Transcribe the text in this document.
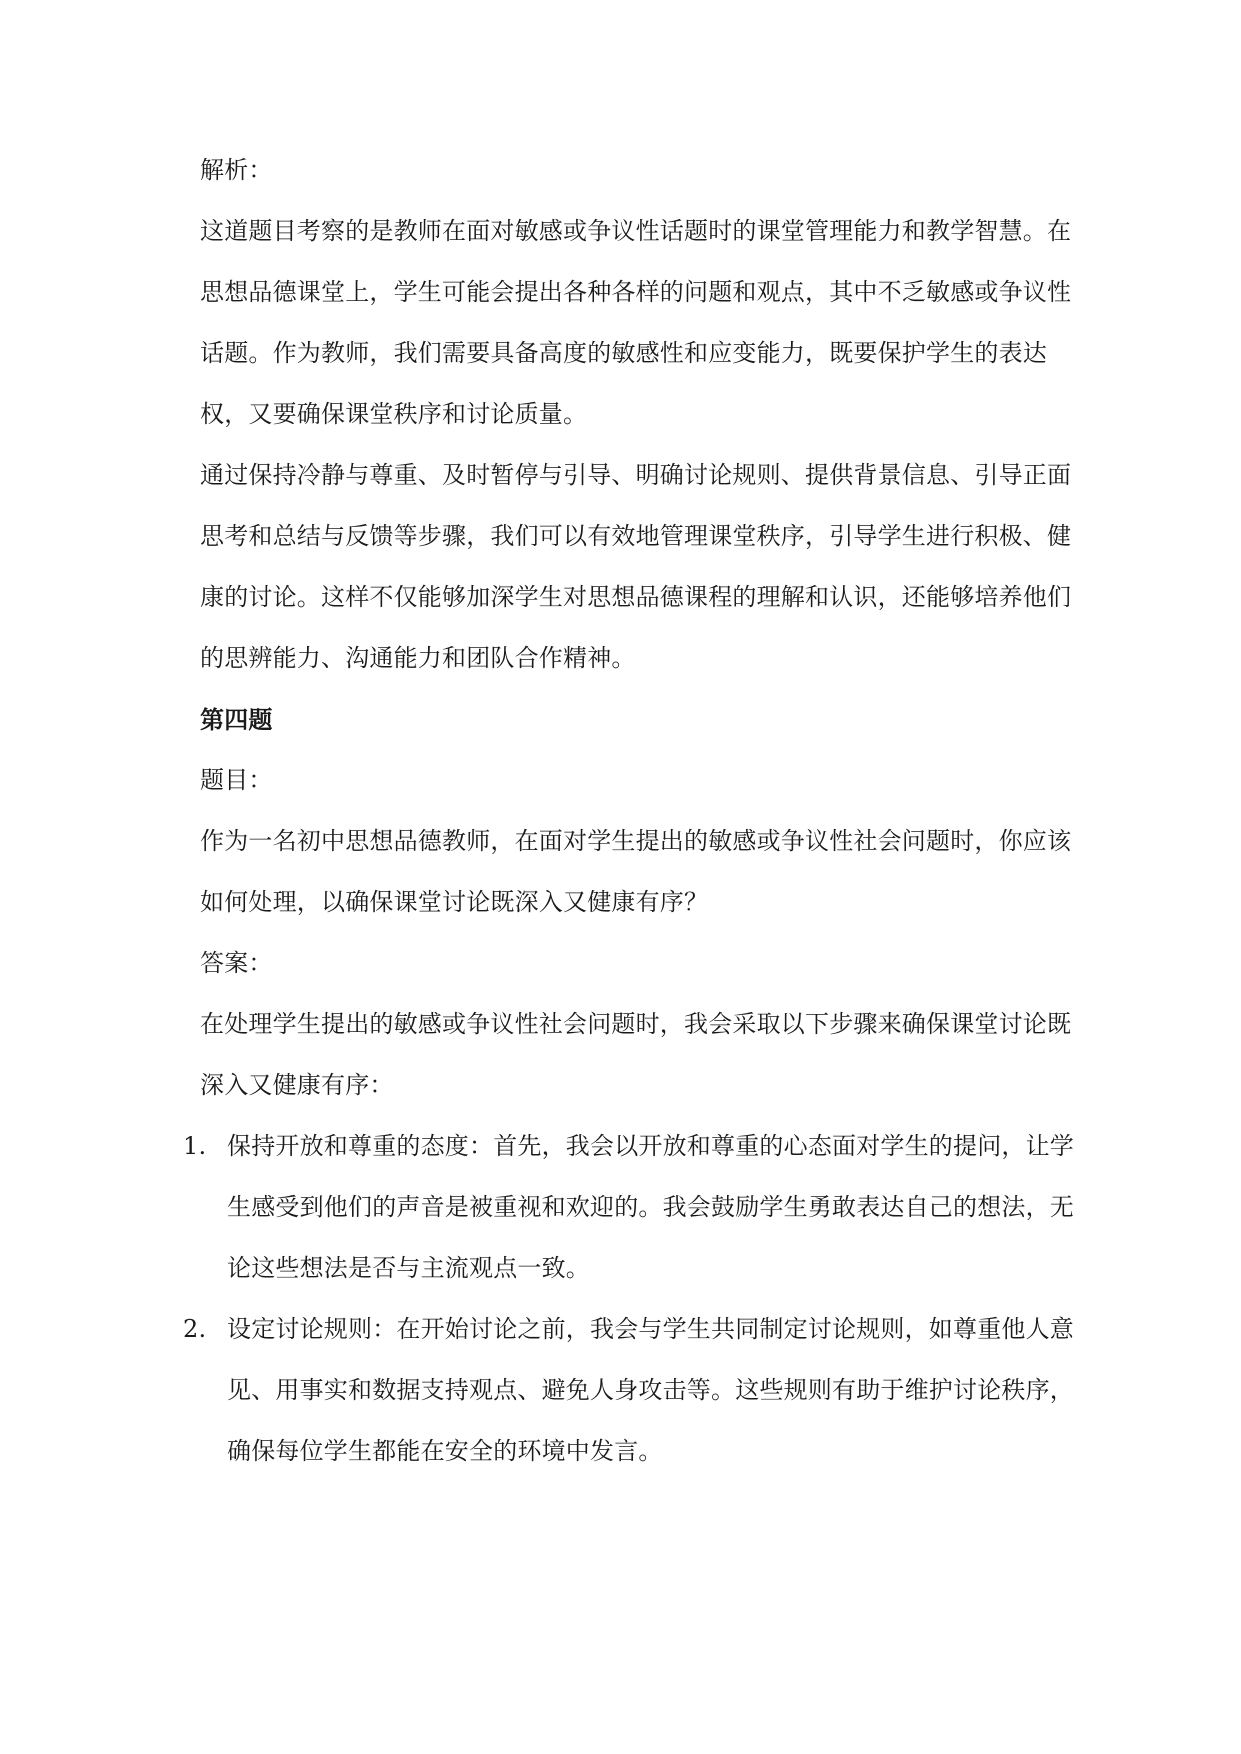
解析：

这道题目考察的是教师在面对敏感或争议性话题时的课堂管理能力和教学智慧。在思想品德课堂上，学生可能会提出各种各样的问题和观点，其中不乏敏感或争议性话题。作为教师，我们需要具备高度的敏感性和应变能力，既要保护学生的表达权，又要确保课堂秩序和讨论质量。

通过保持冷静与尊重、及时暂停与引导、明确讨论规则、提供背景信息、引导正面思考和总结与反馈等步骤，我们可以有效地管理课堂秩序，引导学生进行积极、健康的讨论。这样不仅能够加深学生对思想品德课程的理解和认识，还能够培养他们的思辨能力、沟通能力和团队合作精神。

第四题

题目：

作为一名初中思想品德教师，在面对学生提出的敏感或争议性社会问题时，你应该如何处理，以确保课堂讨论既深入又健康有序？

答案：

在处理学生提出的敏感或争议性社会问题时，我会采取以下步骤来确保课堂讨论既深入又健康有序：

1. 保持开放和尊重的态度：首先，我会以开放和尊重的心态面对学生的提问，让学生感受到他们的声音是被重视和欢迎的。我会鼓励学生勇敢表达自己的想法，无论这些想法是否与主流观点一致。
2. 设定讨论规则：在开始讨论之前，我会与学生共同制定讨论规则，如尊重他人意见、用事实和数据支持观点、避免人身攻击等。这些规则有助于维护讨论秩序，确保每位学生都能在安全的环境中发言。
